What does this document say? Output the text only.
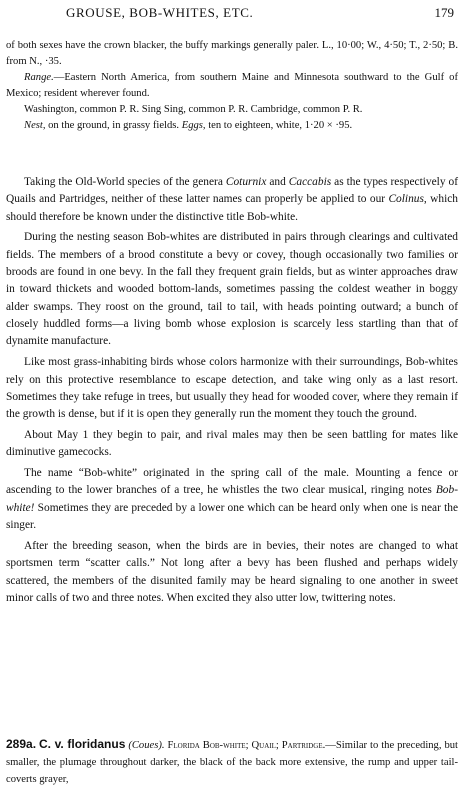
GROUSE, BOB-WHITES, ETC.	179

of both sexes have the crown blacker, the buffy markings generally paler. L., 10·00; W., 4·50; T., 2·50; B. from N., ·35.

Range.—Eastern North America, from southern Maine and Minnesota southward to the Gulf of Mexico; resident wherever found.

Washington, common P. R. Sing Sing, common P. R. Cambridge, common P. R.

Nest, on the ground, in grassy fields. Eggs, ten to eighteen, white, 1·20 × ·95.

Taking the Old-World species of the genera Coturnix and Caccabis as the types respectively of Quails and Partridges, neither of these latter names can properly be applied to our Colinus, which should therefore be known under the distinctive title Bob-white.

During the nesting season Bob-whites are distributed in pairs through clearings and cultivated fields. The members of a brood constitute a bevy or covey, though occasionally two families or broods are found in one bevy. In the fall they frequent grain fields, but as winter approaches draw in toward thickets and wooded bottom-lands, sometimes passing the coldest weather in boggy alder swamps. They roost on the ground, tail to tail, with heads pointing outward; a bunch of closely huddled forms—a living bomb whose explosion is scarcely less startling than that of dynamite manufacture.

Like most grass-inhabiting birds whose colors harmonize with their surroundings, Bob-whites rely on this protective resemblance to escape detection, and take wing only as a last resort. Sometimes they take refuge in trees, but usually they head for wooded cover, where they remain if the growth is dense, but if it is open they generally run the moment they touch the ground.

About May 1 they begin to pair, and rival males may then be seen battling for mates like diminutive gamecocks.

The name “Bob-white” originated in the spring call of the male. Mounting a fence or ascending to the lower branches of a tree, he whistles the two clear musical, ringing notes Bob-white! Sometimes they are preceded by a lower one which can be heard only when one is near the singer.

After the breeding season, when the birds are in bevies, their notes are changed to what sportsmen term “scatter calls.” Not long after a bevy has been flushed and perhaps widely scattered, the members of the disunited family may be heard signaling to one another in sweet minor calls of two and three notes. When excited they also utter low, twittering notes.

289a. C. v. floridanus (Coues). Florida Bob-white; Quail; Partridge.—Similar to the preceding, but smaller, the plumage throughout darker, the black of the back more extensive, the rump and upper tail-coverts grayer,
